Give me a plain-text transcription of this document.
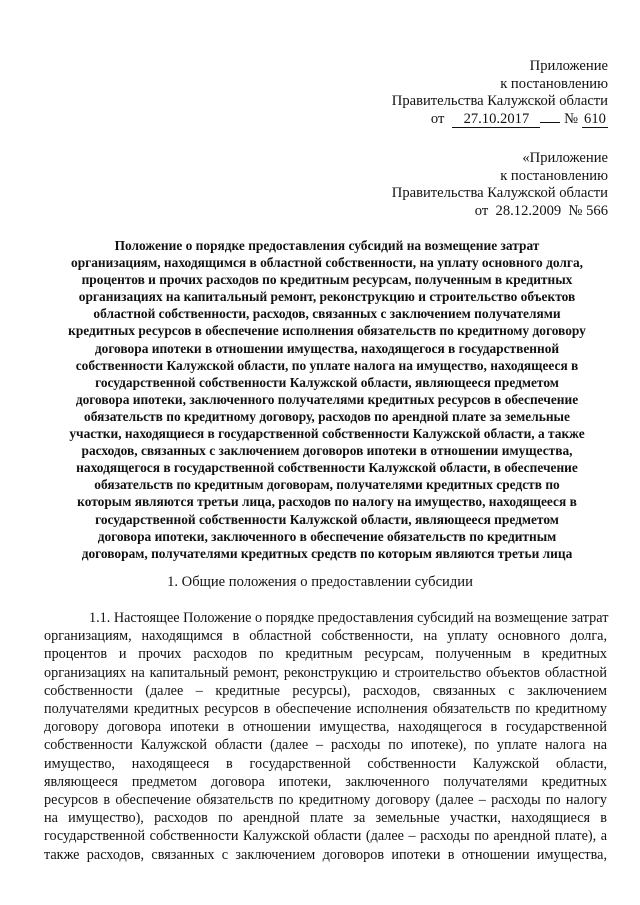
Приложение
к постановлению
Правительства Калужской области
от 27.10.2017 № 610
«Приложение
к постановлению
Правительства Калужской области
от  28.12.2009  № 566
Положение о порядке предоставления субсидий на возмещение затрат
организациям, находящимся в областной собственности, на уплату основного долга,
процентов и прочих расходов по кредитным ресурсам, полученным в кредитных
организациях на капитальный ремонт, реконструкцию и строительство объектов
областной собственности, расходов, связанных с заключением получателями
кредитных ресурсов в обеспечение исполнения обязательств по кредитному договору
договора ипотеки в отношении имущества, находящегося в государственной
собственности Калужской области, по уплате налога на имущество, находящееся в
государственной собственности Калужской области, являющееся предметом
договора ипотеки, заключенного получателями кредитных ресурсов в обеспечение
обязательств по кредитному договору, расходов по арендной плате за земельные
участки, находящиеся в государственной собственности Калужской области, а также
расходов, связанных с заключением договоров ипотеки в отношении имущества,
находящегося в государственной собственности Калужской области, в обеспечение
обязательств по кредитным договорам, получателями кредитных средств по
которым являются третьи лица, расходов по налогу на имущество, находящееся в
государственной собственности Калужской области, являющееся предметом
договора ипотеки, заключенного в обеспечение обязательств по кредитным
договорам, получателями кредитных средств по которым являются третьи лица
1. Общие положения о предоставлении субсидии
1.1. Настоящее Положение о порядке предоставления субсидий на возмещение затрат
организациям, находящимся в областной собственности, на уплату основного долга,
процентов и прочих расходов по кредитным ресурсам, полученным в кредитных
организациях на капитальный ремонт, реконструкцию и строительство объектов областной
собственности (далее – кредитные ресурсы), расходов, связанных с заключением
получателями кредитных ресурсов в обеспечение исполнения обязательств по кредитному
договору договора ипотеки в отношении имущества, находящегося в государственной
собственности Калужской области (далее – расходы по ипотеке), по уплате налога на
имущество, находящееся в государственной собственности Калужской области,
являющееся предметом договора ипотеки, заключенного получателями кредитных
ресурсов в обеспечение обязательств по кредитному договору (далее – расходы по налогу
на имущество), расходов по арендной плате за земельные участки, находящиеся в
государственной собственности Калужской области (далее – расходы по арендной плате), а
также расходов, связанных с заключением договоров ипотеки в отношении имущества,
